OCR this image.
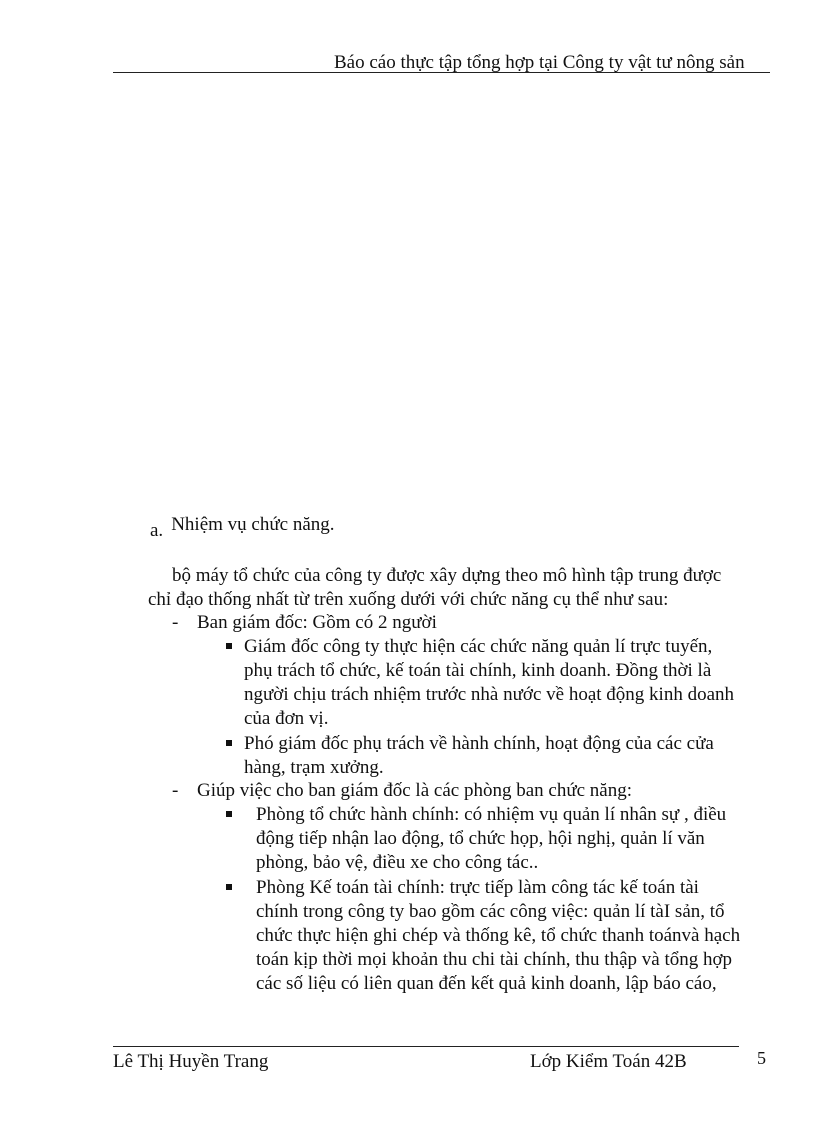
Báo cáo thực tập tổng hợp tại Công ty vật tư nông sản
a. Nhiệm vụ chức năng.
bộ máy tổ chức của công ty được xây dựng theo mô hình tập trung được
chỉ đạo thống nhất từ trên xuống dưới với chức năng cụ thể như sau:
- Ban giám đốc: Gồm có 2 người
Giám đốc công ty thực hiện các chức năng quản lí trực tuyến,
phụ trách tổ chức, kế toán tài chính, kinh doanh. Đồng thời là
người chịu trách nhiệm trước nhà nước về hoạt động kinh doanh
của đơn vị.
Phó giám đốc phụ trách về hành chính, hoạt động của các cửa
hàng, trạm xưởng.
- Giúp việc cho ban giám đốc là các phòng ban chức năng:
Phòng tổ chức hành chính: có nhiệm vụ quản lí nhân sự , điều
động tiếp nhận lao động, tổ chức họp, hội nghị, quản lí văn
phòng, bảo vệ, điều xe cho công tác..
Phòng Kế toán tài chính: trực tiếp làm công tác kế toán tài
chính trong công ty bao gồm các công việc: quản lí tàI sản, tổ
chức thực hiện ghi chép và thống kê, tổ chức thanh toánvà hạch
toán kịp thời mọi khoản thu chi tài chính, thu thập và tổng hợp
các số liệu có liên quan đến kết quả kinh doanh, lập báo cáo,
Lê Thị Huyền Trang	Lớp Kiểm Toán 42B	5
